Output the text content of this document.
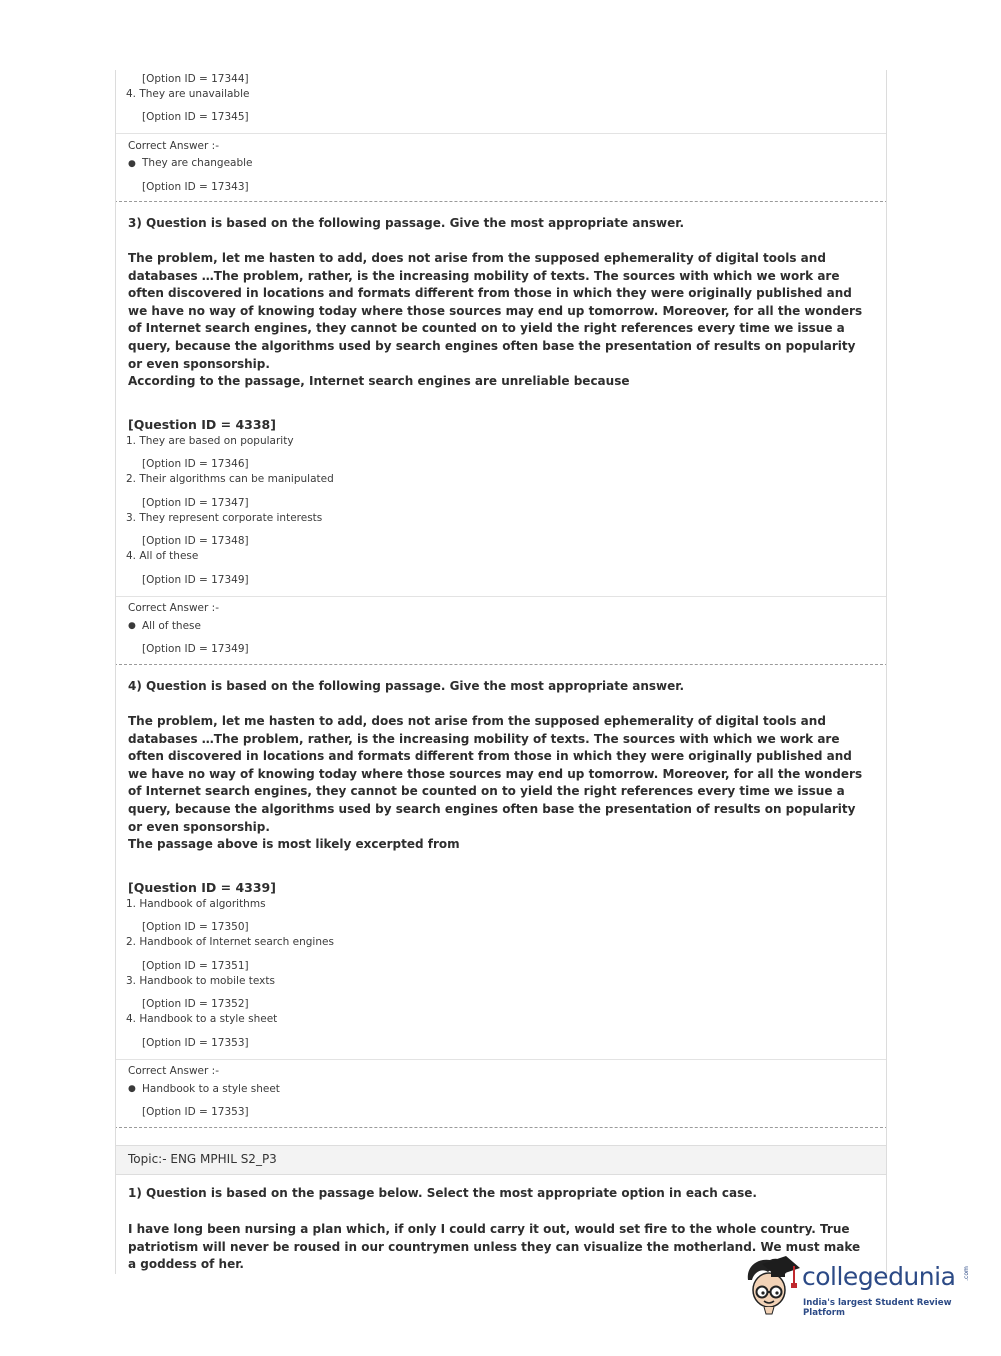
[Option ID = 17344]
4. They are unavailable
[Option ID = 17345]
Correct Answer :-
● They are changeable
[Option ID = 17343]
3) Question is based on the following passage. Give the most appropriate answer.
The problem, let me hasten to add, does not arise from the supposed ephemerality of digital tools and databases …The problem, rather, is the increasing mobility of texts. The sources with which we work are often discovered in locations and formats different from those in which they were originally published and we have no way of knowing today where those sources may end up tomorrow. Moreover, for all the wonders of Internet search engines, they cannot be counted on to yield the right references every time we issue a query, because the algorithms used by search engines often base the presentation of results on popularity or even sponsorship.
According to the passage, Internet search engines are unreliable because
[Question ID = 4338]
1. They are based on popularity
[Option ID = 17346]
2. Their algorithms can be manipulated
[Option ID = 17347]
3. They represent corporate interests
[Option ID = 17348]
4. All of these
[Option ID = 17349]
Correct Answer :-
● All of these
[Option ID = 17349]
4) Question is based on the following passage. Give the most appropriate answer.
The problem, let me hasten to add, does not arise from the supposed ephemerality of digital tools and databases …The problem, rather, is the increasing mobility of texts. The sources with which we work are often discovered in locations and formats different from those in which they were originally published and we have no way of knowing today where those sources may end up tomorrow. Moreover, for all the wonders of Internet search engines, they cannot be counted on to yield the right references every time we issue a query, because the algorithms used by search engines often base the presentation of results on popularity or even sponsorship.
The passage above is most likely excerpted from
[Question ID = 4339]
1. Handbook of algorithms
[Option ID = 17350]
2. Handbook of Internet search engines
[Option ID = 17351]
3. Handbook to mobile texts
[Option ID = 17352]
4. Handbook to a style sheet
[Option ID = 17353]
Correct Answer :-
● Handbook to a style sheet
[Option ID = 17353]
Topic:- ENG MPHIL S2_P3
1) Question is based on the passage below. Select the most appropriate option in each case.
I have long been nursing a plan which, if only I could carry it out, would set fire to the whole country. True patriotism will never be roused in our countrymen unless they can visualize the motherland. We must make a goddess of her.	collegedunia .com
India's largest Student Review Platform
